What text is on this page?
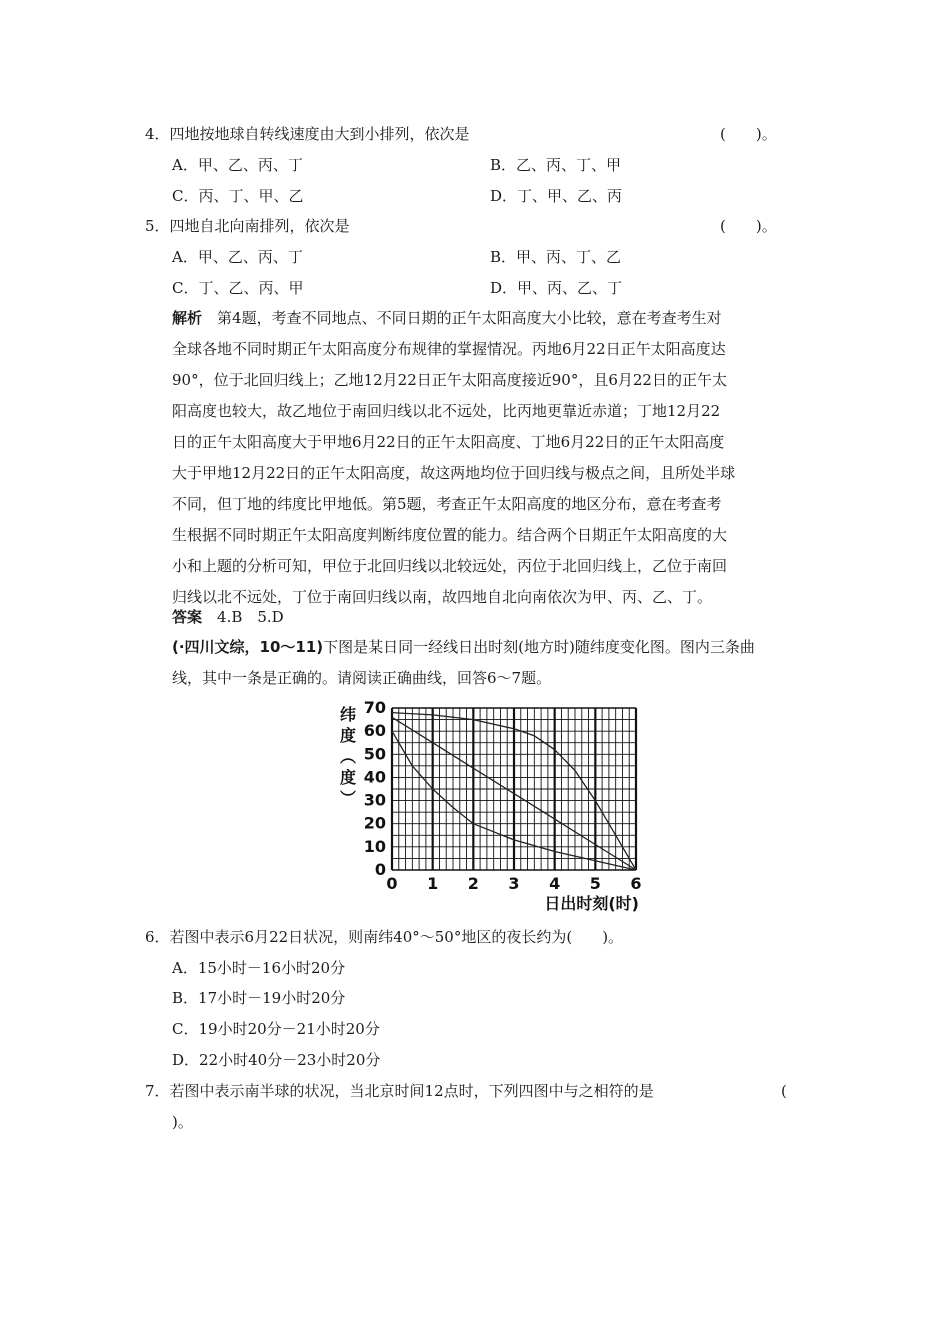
4．四地按地球自转线速度由大到小排列，依次是	(　　)。
A．甲、乙、丙、丁	B．乙、丙、丁、甲
C．丙、丁、甲、乙	D．丁、甲、乙、丙
5．四地自北向南排列，依次是	(　　)。
A．甲、乙、丙、丁	B．甲、丙、丁、乙
C．丁、乙、丙、甲	D．甲、丙、乙、丁
解析　 第4题，考查不同地点、不同日期的正午太阳高度大小比较，意在考查考生对
全球各地不同时期正午太阳高度分布规律的掌握情况。丙地6月22日正午太阳高度达
90°，位于北回归线上；乙地12月22日正午太阳高度接近90°，且6月22日的正午太
阳高度也较大，故乙地位于南回归线以北不远处，比丙地更靠近赤道；丁地12月22
日的正午太阳高度大于甲地6月22日的正午太阳高度、丁地6月22日的正午太阳高度
大于甲地12月22日的正午太阳高度，故这两地均位于回归线与极点之间，且所处半球
不同，但丁地的纬度比甲地低。第5题，考查正午太阳高度的地区分布，意在考查考
生根据不同时期正午太阳高度判断纬度位置的能力。结合两个日期正午太阳高度的大
小和上题的分析可知，甲位于北回归线以北较远处，丙位于北回归线上，乙位于南回
归线以北不远处，丁位于南回归线以南，故四地自北向南依次为甲、丙、乙、丁。
答案　 4.B　5.D
(·四川文综，10～11)下图是某日同一经线日出时刻(地方时)随纬度变化图。图内三条曲
线，其中一条是正确的。请阅读正确曲线，回答6～7题。
0 1 2 3 4 5 6
0
10
20
30
40
50
60
70
纬
度
︵
度
︶
日出时刻(时)
6．若图中表示6月22日状况，则南纬40°～50°地区的夜长约为(　　)。
A．15小时－16小时20分
B．17小时－19小时20分
C．19小时20分－21小时20分
D．22小时40分－23小时20分
7．若图中表示南半球的状况，当北京时间12点时，下列四图中与之相符的是	(
)。
